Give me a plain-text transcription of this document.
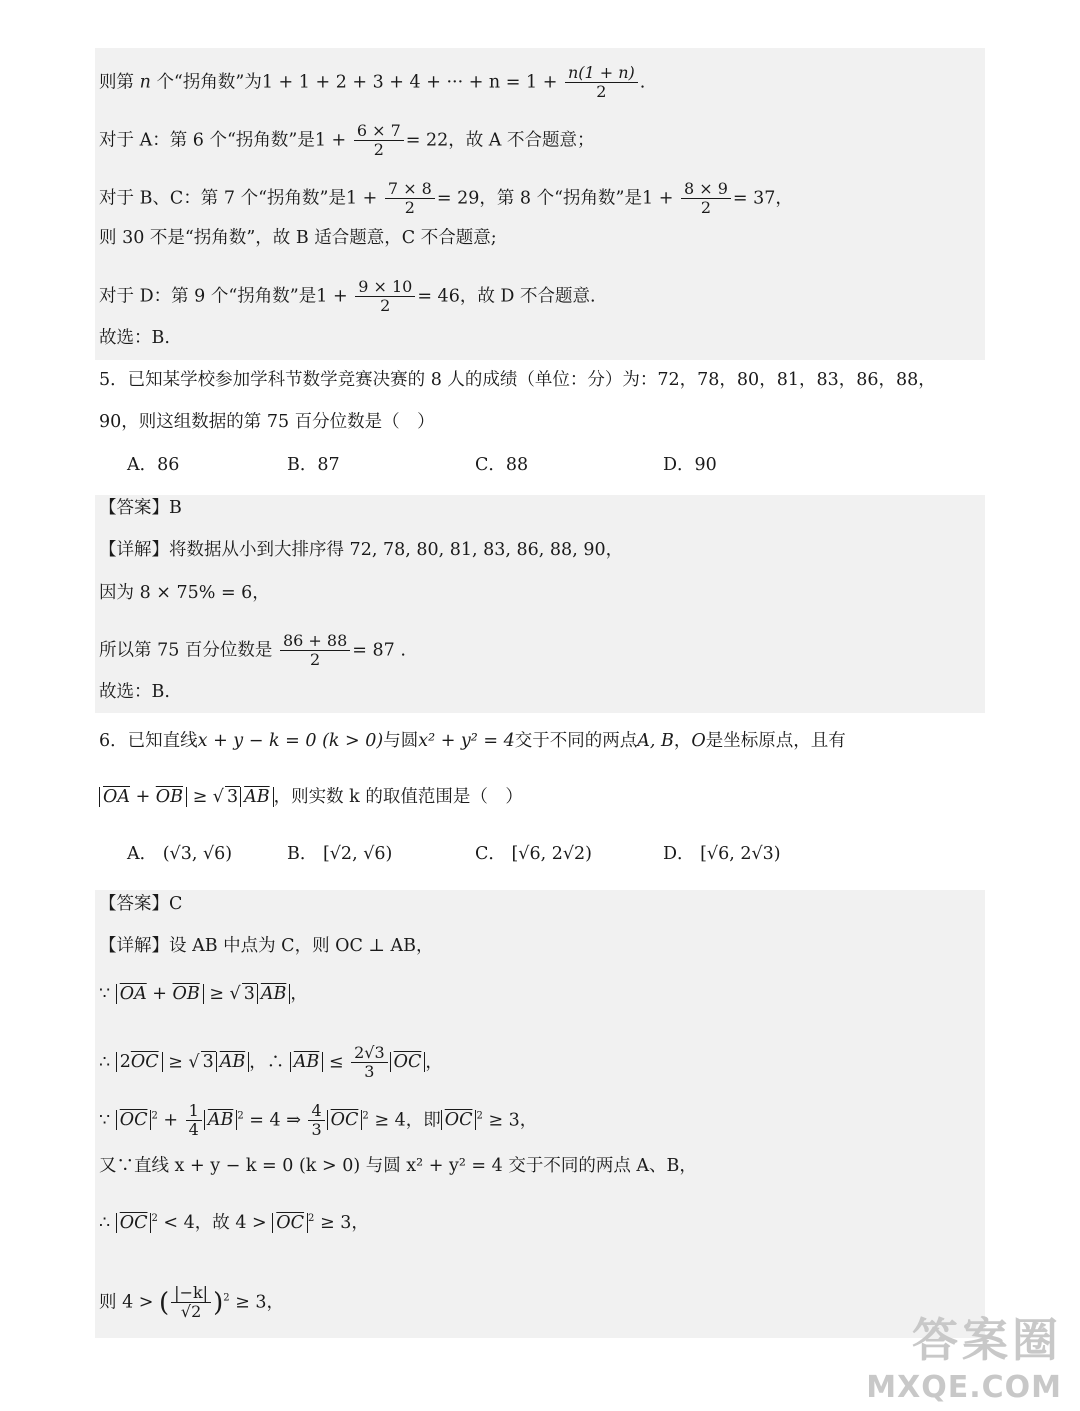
则第 n 个“拐角数”为1 + 1 + 2 + 3 + 4 + ··· + $n = 1 + \frac{n(1 + n)}{2}$ .
对于 A：第 6 个“拐角数”是$1 + \frac{6 \times 7}{2} = 22$，故 A 不合题意；
对于 B、C：第 7 个“拐角数”是$1 + \frac{7 \times 8}{2} = 29$，第 8 个“拐角数”是$1 + \frac{8 \times 9}{2} = 37$，
则 30 不是“拐角数”，故 B 适合题意，C 不合题意;
对于 D：第 9 个“拐角数”是$1 + \frac{9 \times 10}{2} = 46$，故 D 不合题意.
故选：B.
5．已知某学校参加学科节数学竞赛决赛的 8 人的成绩（单位：分）为：72，78，80，81，83，86，88，
90，则这组数据的第 75 百分位数是（　）
A．86	B．87	C．88	D．90
【答案】B
【详解】将数据从小到大排序得 72, 78, 80, 81, 83, 86, 88, 90，
因为 8 × 75% = 6，
所以第 75 百分位数是 $\frac{86 + 88}{2} = 87$ .
故选：B.
6．已知直线x + y − k = 0 (k > 0)与圆x² + y² = 4交于不同的两点A, B，O是坐标原点，且有
$\overline{OA} + \overline{OB}$ ≥ √ 3 $\overline{AB}$ ，则实数 k 的取值范围是（　）
A． (√3, √6)	B． [√2, √6)	C． [√6, 2√2)	D． [√6, 2√3)
【答案】C
【详解】设 AB 中点为 C，则 OC ⊥ AB，
∵ $\overline{OA} + \overline{OB}$ ≥ √ 3 $\overline{AB}$ ，
∴ $2\overline{OC}$ ≥ √ 3 $\overline{AB}$ ，∴ $\overline{AB} \le \frac{2√3}{3} \overline{OC}$ ，
∵ $\overline{OC}$ $^2 + \frac{1}{4} \overline{AB}$ $^2$ = 4 ⇒ $\frac{4}{3} \overline{OC}$ $^2$ ≥ 4，即 $\overline{OC}$ $^2$ ≥ 3，
又∵直线 x + y − k = 0 (k > 0) 与圆 x² + y² = 4 交于不同的两点 A、B，
∴ $\overline{OC}$ $^2$ < 4，故 $4 > \overline{OC}$ $^2$ ≥ 3，
则 4 > ( $\frac{|-k|}{√2} )^2 \ge 3$，
答案圈
MXQE.COM
